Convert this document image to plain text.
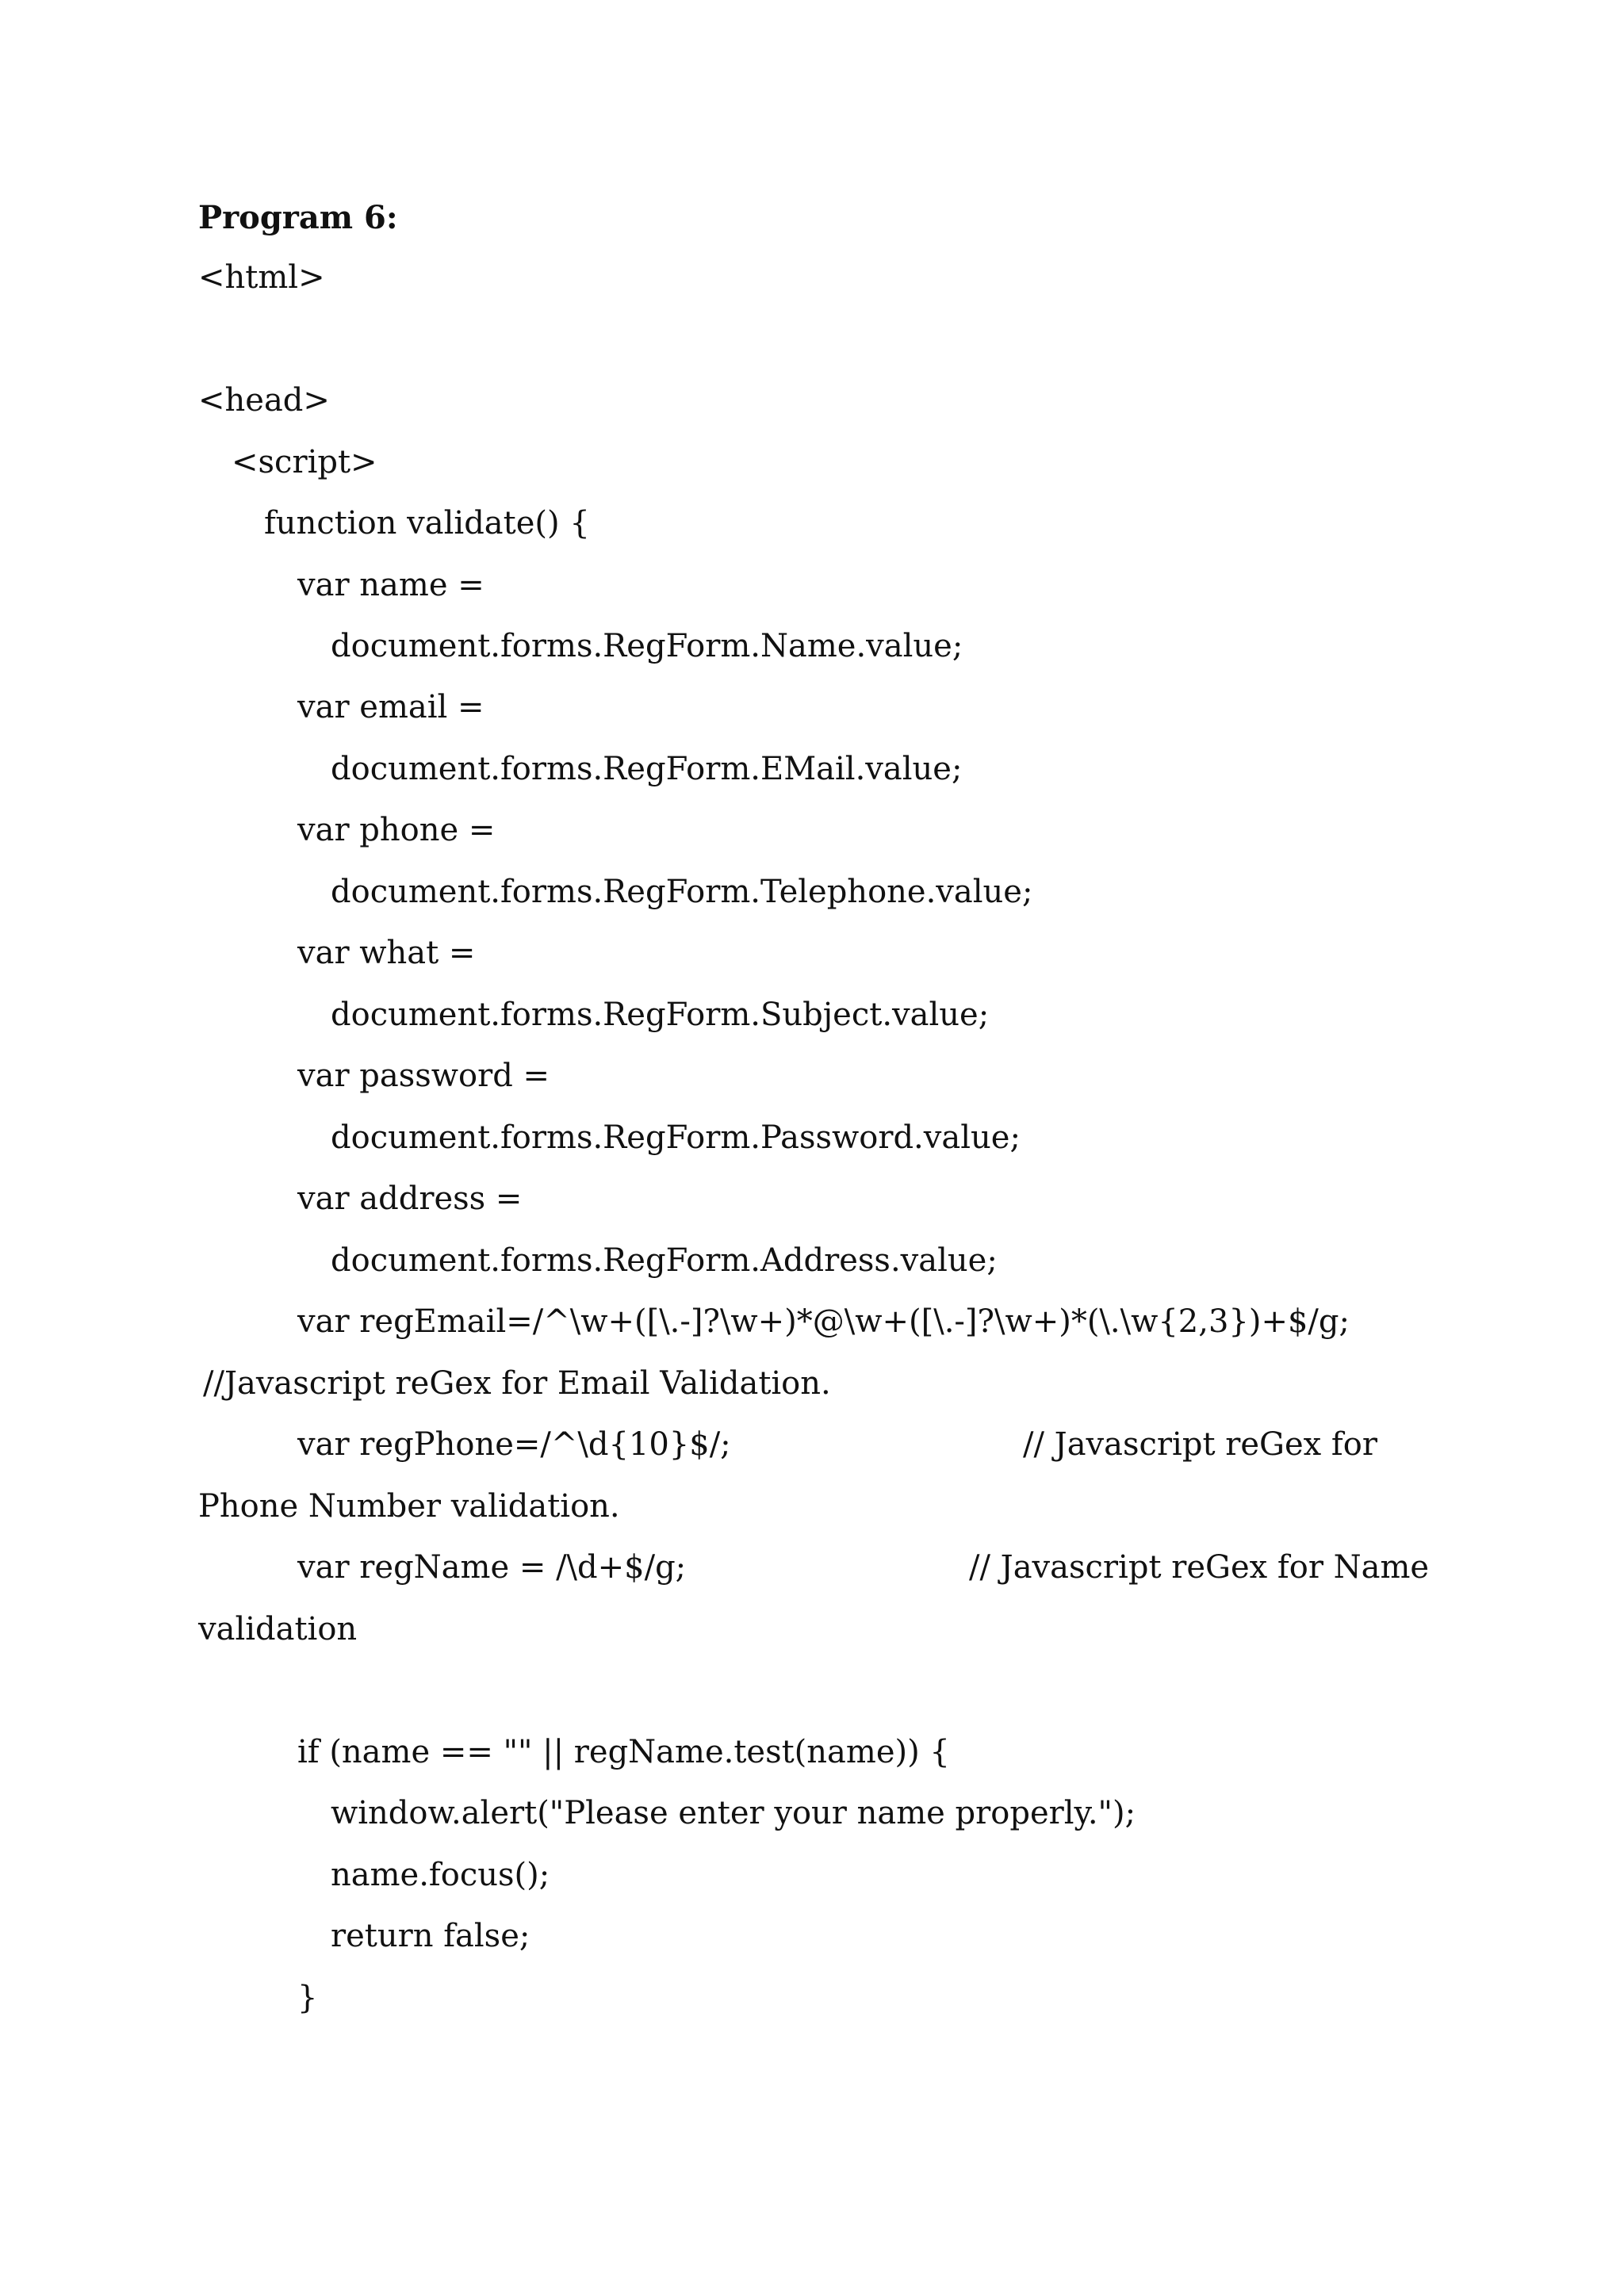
Program 6:
<html>
<head>
<script>
function validate() {
var name =
document.forms.RegForm.Name.value;
var email =
document.forms.RegForm.EMail.value;
var phone =
document.forms.RegForm.Telephone.value;
var what =
document.forms.RegForm.Subject.value;
var password =
document.forms.RegForm.Password.value;
var address =
document.forms.RegForm.Address.value;
var regEmail=/^\w+([\.-]?\w+)*@\w+([\.-]?\w+)*(\.\w{2,3})+$/g;
//Javascript reGex for Email Validation.
var regPhone=/^\d{10}$/;	// Javascript reGex for
Phone Number validation.
var regName = /\d+$/g;	// Javascript reGex for Name
validation
if (name == "" || regName.test(name)) {
window.alert("Please enter your name properly.");
name.focus();
return false;
}
